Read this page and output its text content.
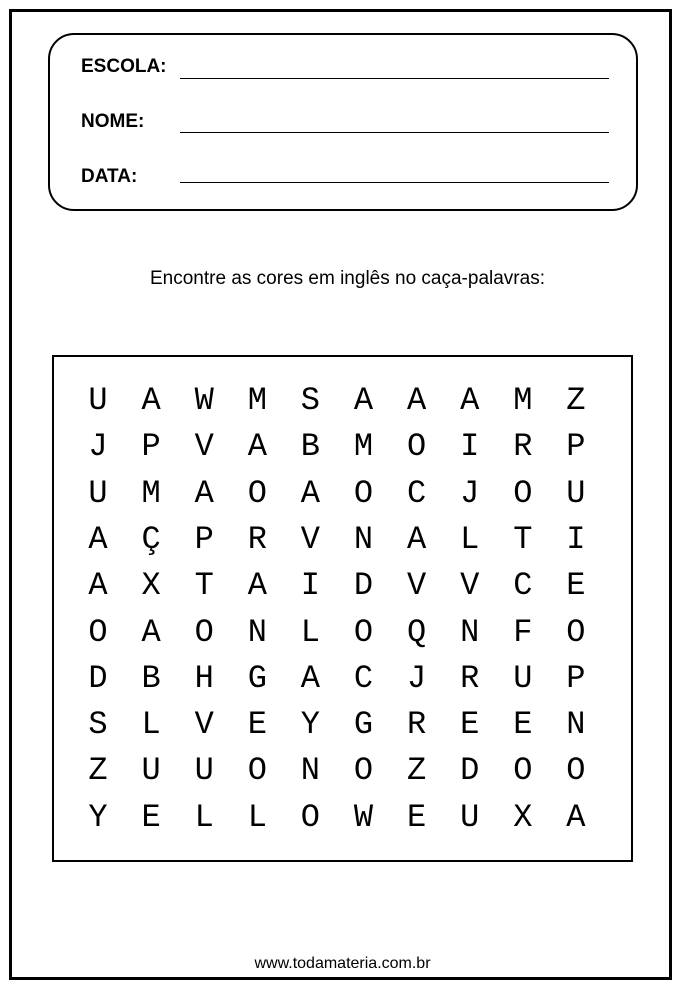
ESCOLA:
NOME:
DATA:
Encontre as cores em inglês no caça-palavras:
U	A	W	M	S	A	A	A	M	Z
J	P	V	A	B	M	O	I	R	P
U	M	A	O	A	O	C	J	O	U
A	Ç	P	R	V	N	A	L	T	I
A	X	T	A	I	D	V	V	C	E
O	A	O	N	L	O	Q	N	F	O
D	B	H	G	A	C	J	R	U	P
S	L	V	E	Y	G	R	E	E	N
Z	U	U	O	N	O	Z	D	O	O
Y	E	L	L	O	W	E	U	X	A
www.todamateria.com.br
